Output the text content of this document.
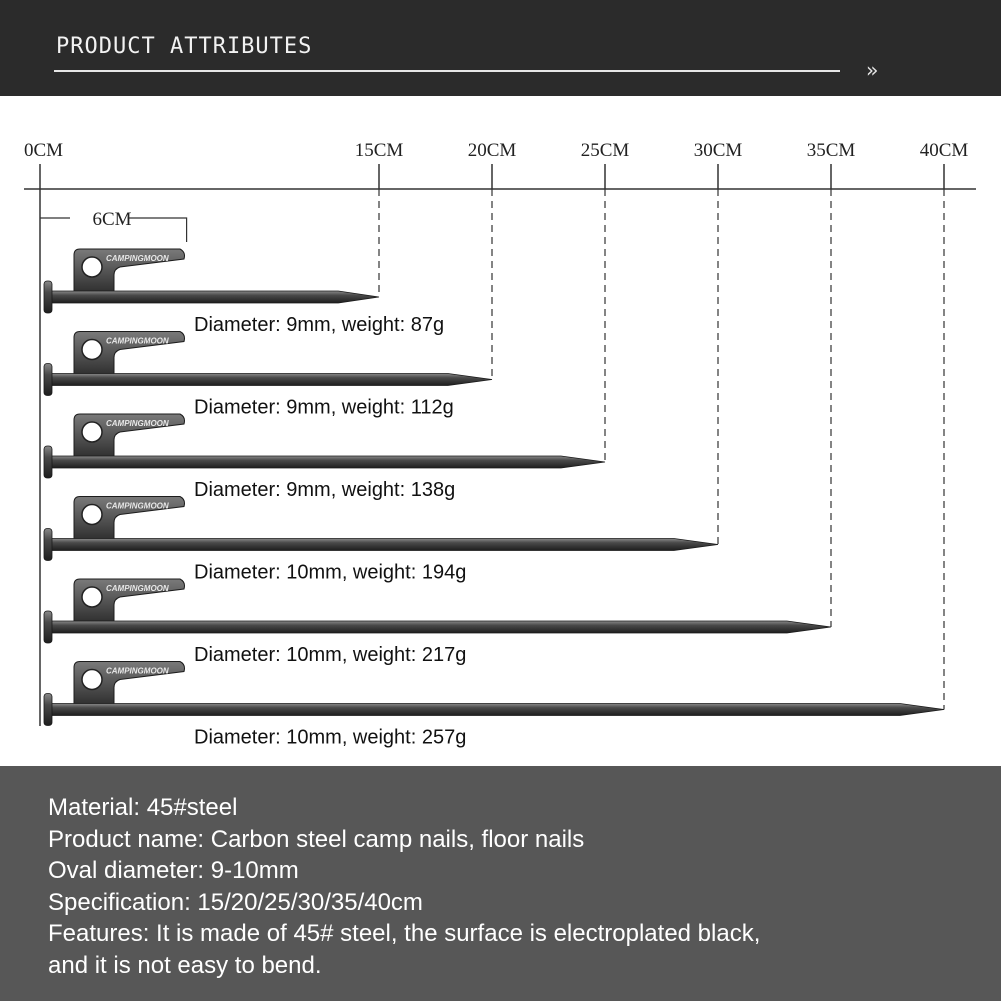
PRODUCT ATTRIBUTES
»
0CM	15CM	20CM	25CM	30CM	35CM	40CM
6CM
CAMPINGMOON
Diameter: 9mm, weight: 87g
CAMPINGMOON
Diameter: 9mm, weight: 112g
CAMPINGMOON
Diameter: 9mm, weight: 138g
CAMPINGMOON
Diameter: 10mm, weight: 194g
CAMPINGMOON
Diameter: 10mm, weight: 217g
CAMPINGMOON
Diameter: 10mm, weight: 257g
Material: 45#steel
Product name: Carbon steel camp nails, floor nails
Oval diameter: 9-10mm
Specification: 15/20/25/30/35/40cm
Features: It is made of 45# steel, the surface is electroplated black,
and it is not easy to bend.
